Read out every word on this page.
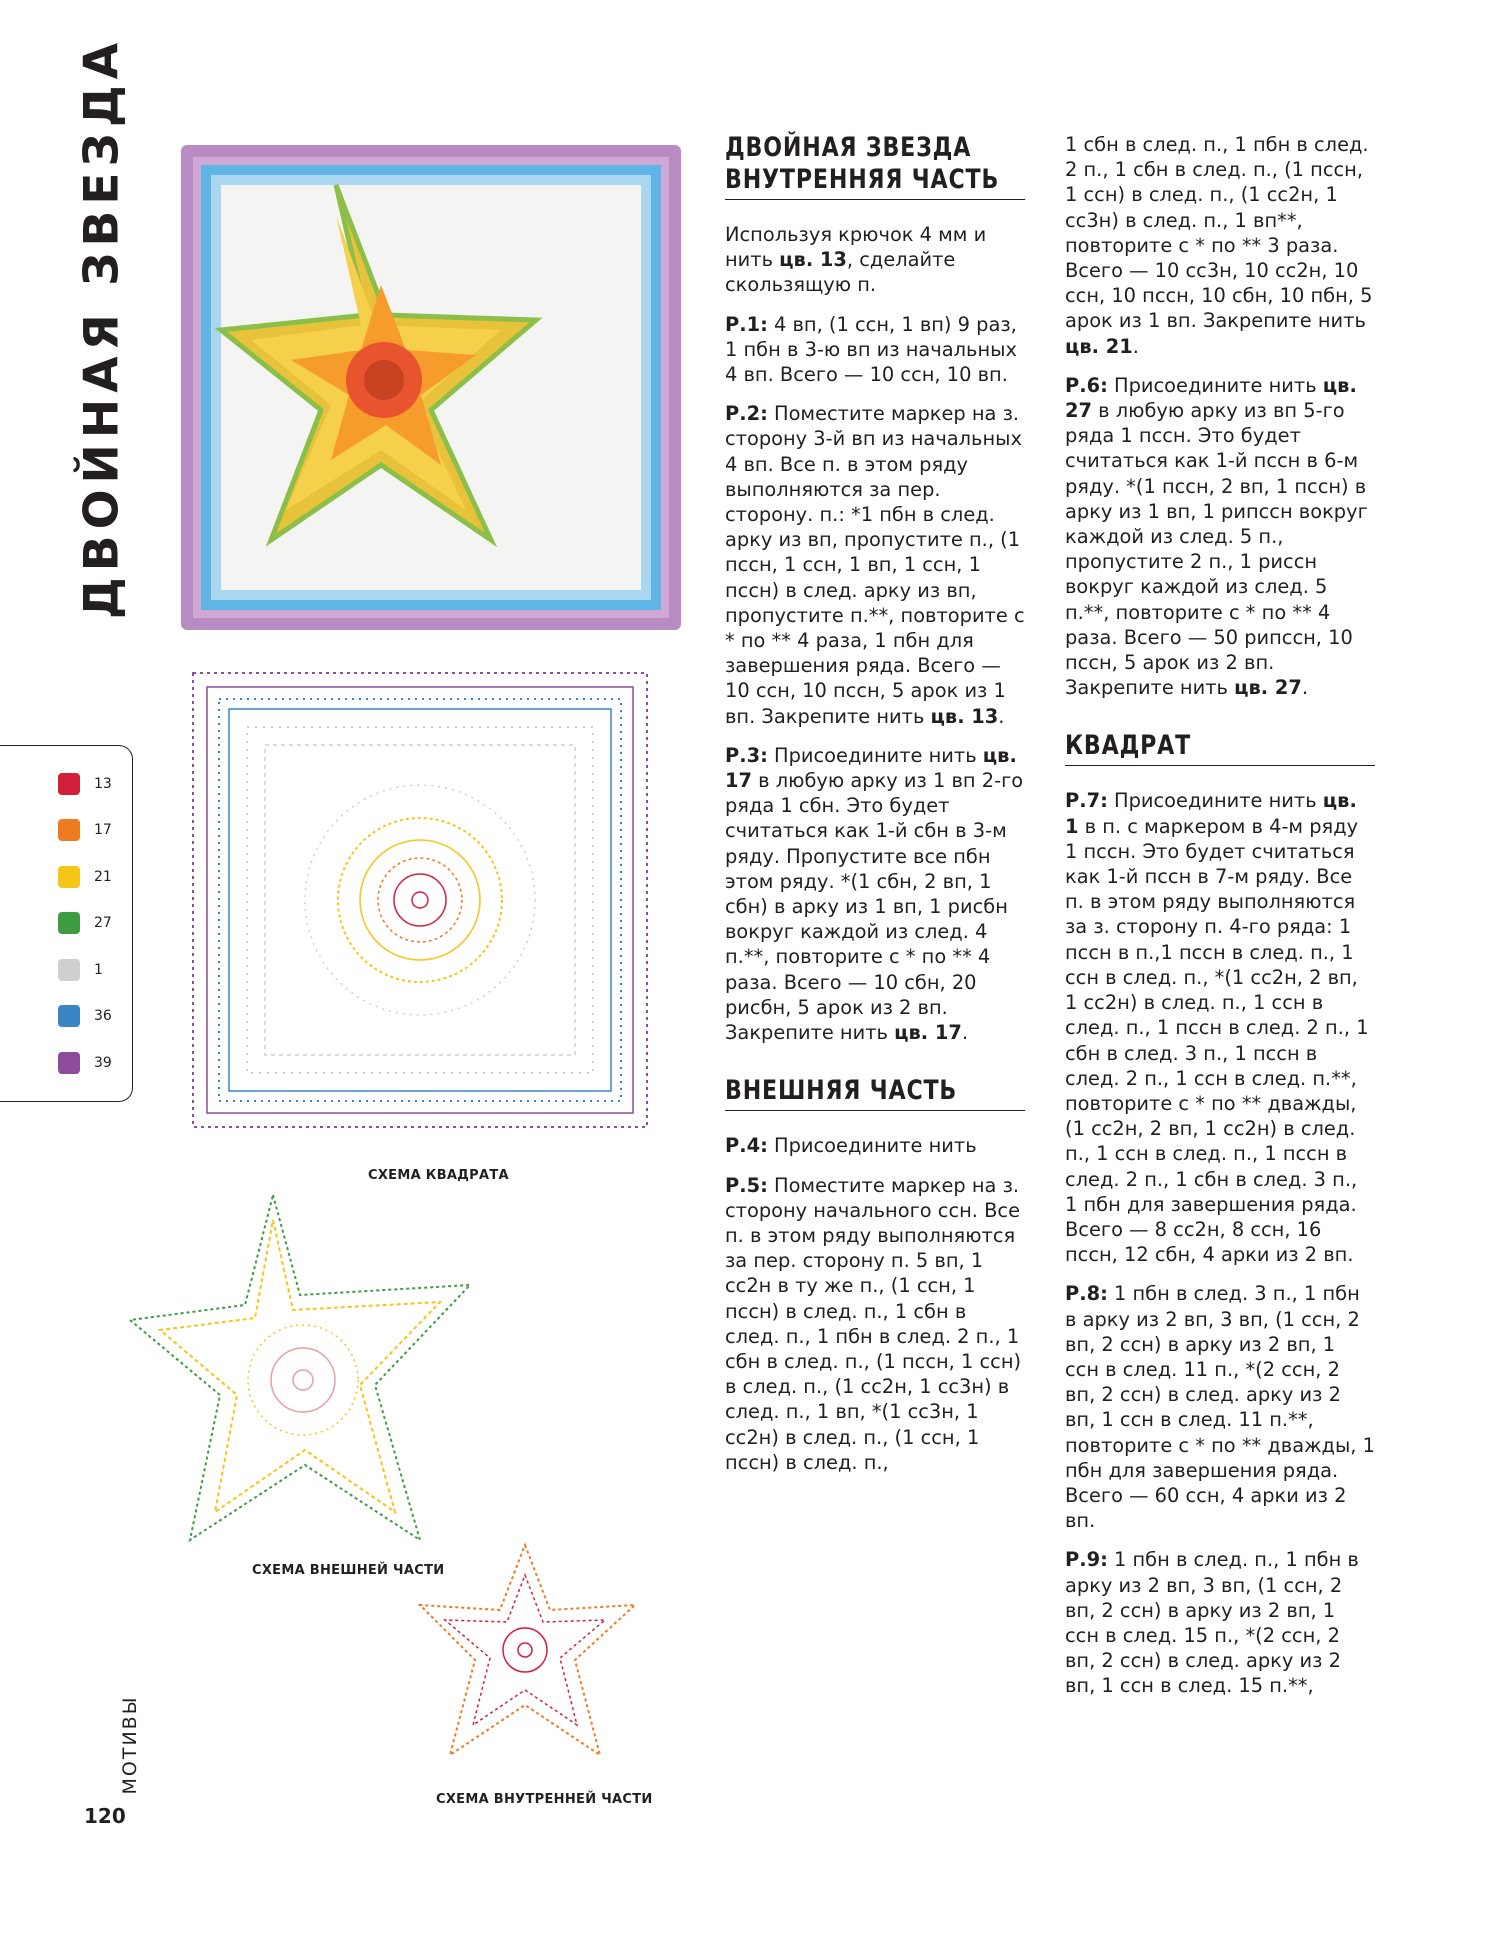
ДВОЙНАЯ ЗВЕЗДА
СХЕМА КВАДРАТА
СХЕМА ВНЕШНЕЙ ЧАСТИ
СХЕМА ВНУТРЕННЕЙ ЧАСТИ
13
17
21
27
1
36
39
ДВОЙНАЯ ЗВЕЗДА ВНУТРЕННЯЯ ЧАСТЬ

Используя крючок 4 мм и нить цв. 13, сделайте скользящую п.

Р.1: 4 вп, (1 ссн, 1 вп) 9 раз, 1 пбн в 3-ю вп из начальных 4 вп. Всего — 10 ссн, 10 вп.

Р.2: Поместите маркер на з. сторону 3-й вп из начальных 4 вп. Все п. в этом ряду выполняются за пер. сторону. п.: *1 пбн в след. арку из вп, пропустите п., (1 пссн, 1 ссн, 1 вп, 1 ссн, 1 пссн) в след. арку из вп, пропустите п.**, повторите с * по ** 4 раза, 1 пбн для завершения ряда. Всего — 10 ссн, 10 пссн, 5 арок из 1 вп. Закрепите нить цв. 13.

Р.3: Присоедините нить цв. 17 в любую арку из 1 вп 2-го ряда 1 сбн. Это будет считаться как 1-й сбн в 3-м ряду. Пропустите все пбн этом ряду. *(1 сбн, 2 вп, 1 сбн) в арку из 1 вп, 1 рисбн вокруг каждой из след. 4 п.**, повторите с * по ** 4 раза. Всего — 10 сбн, 20 рисбн, 5 арок из 2 вп. Закрепите нить цв. 17.

ВНЕШНЯЯ ЧАСТЬ

Р.4: Присоедините нить

Р.5: Поместите маркер на з. сторону начального ссн. Все п. в этом ряду выполняются за пер. сторону п. 5 вп, 1 сс2н в ту же п., (1 ссн, 1 пссн) в след. п., 1 сбн в след. п., 1 пбн в след. 2 п., 1 сбн в след. п., (1 пссн, 1 ссн) в след. п., (1 сс2н, 1 сс3н) в след. п., 1 вп, *(1 сс3н, 1 сс2н) в след. п., (1 ссн, 1 пссн) в след. п.,

1 сбн в след. п., 1 пбн в след. 2 п., 1 сбн в след. п., (1 пссн, 1 ссн) в след. п., (1 сс2н, 1 сс3н) в след. п., 1 вп**, повторите с * по ** 3 раза. Всего — 10 сс3н, 10 сс2н, 10 ссн, 10 пссн, 10 сбн, 10 пбн, 5 арок из 1 вп. Закрепите нить цв. 21.

Р.6: Присоедините нить цв. 27 в любую арку из вп 5-го ряда 1 пссн. Это будет считаться как 1-й пссн в 6-м ряду. *(1 пссн, 2 вп, 1 пссн) в арку из 1 вп, 1 рипссн вокруг каждой из след. 5 п., пропустите 2 п., 1 риссн вокруг каждой из след. 5 п.**, повторите с * по ** 4 раза. Всего — 50 рипссн, 10 пссн, 5 арок из 2 вп. Закрепите нить цв. 27.

КВАДРАТ

Р.7: Присоедините нить цв. 1 в п. с маркером в 4-м ряду 1 пссн. Это будет считаться как 1-й пссн в 7-м ряду. Все п. в этом ряду выполняются за з. сторону п. 4-го ряда: 1 пссн в п.,1 пссн в след. п., 1 ссн в след. п., *(1 сс2н, 2 вп, 1 сс2н) в след. п., 1 ссн в след. п., 1 пссн в след. 2 п., 1 сбн в след. 3 п., 1 пссн в след. 2 п., 1 ссн в след. п.**, повторите с * по ** дважды, (1 сс2н, 2 вп, 1 сс2н) в след. п., 1 ссн в след. п., 1 пссн в след. 2 п., 1 сбн в след. 3 п., 1 пбн для завершения ряда. Всего — 8 сс2н, 8 ссн, 16 пссн, 12 сбн, 4 арки из 2 вп.

Р.8: 1 пбн в след. 3 п., 1 пбн в арку из 2 вп, 3 вп, (1 ссн, 2 вп, 2 ссн) в арку из 2 вп, 1 ссн в след. 11 п., *(2 ссн, 2 вп, 2 ссн) в след. арку из 2 вп, 1 ссн в след. 11 п.**, повторите с * по ** дважды, 1 пбн для завершения ряда. Всего — 60 ссн, 4 арки из 2 вп.

Р.9: 1 пбн в след. п., 1 пбн в арку из 2 вп, 3 вп, (1 ссн, 2 вп, 2 ссн) в арку из 2 вп, 1 ссн в след. 15 п., *(2 ссн, 2 вп, 2 ссн) в след. арку из 2 вп, 1 ссн в след. 15 п.**,

МОТИВЫ
120
